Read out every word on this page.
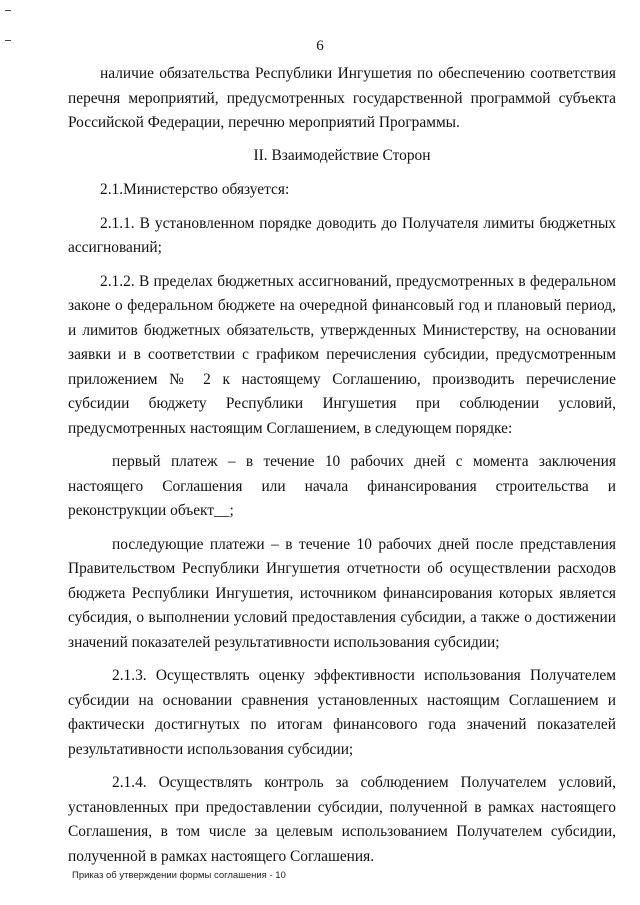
6

наличие обязательства Республики Ингушетия по обеспечению соответствия перечня мероприятий, предусмотренных государственной программой субъекта Российской Федерации, перечню мероприятий Программы.

II. Взаимодействие Сторон

2.1.Министерство обязуется:

2.1.1. В установленном порядке доводить до Получателя лимиты бюджетных ассигнований;

2.1.2. В пределах бюджетных ассигнований, предусмотренных в федеральном законе о федеральном бюджете на очередной финансовый год и плановый период, и лимитов бюджетных обязательств, утвержденных Министерству, на основании заявки и в соответствии с графиком перечисления субсидии, предусмотренным приложением № 2 к настоящему Соглашению, производить перечисление субсидии бюджету Республики Ингушетия при соблюдении условий, предусмотренных настоящим Соглашением, в следующем порядке:

первый платеж – в течение 10 рабочих дней с момента заключения настоящего Соглашения или начала финансирования строительства и реконструкции объект__;

последующие платежи – в течение 10 рабочих дней после представления Правительством Республики Ингушетия отчетности об осуществлении расходов бюджета Республики Ингушетия, источником финансирования которых является субсидия, о выполнении условий предоставления субсидии, а также о достижении значений показателей результативности использования субсидии;

2.1.3. Осуществлять оценку эффективности использования Получателем субсидии на основании сравнения установленных настоящим Соглашением и фактически достигнутых по итогам финансового года значений показателей результативности использования субсидии;

2.1.4. Осуществлять контроль за соблюдением Получателем условий, установленных при предоставлении субсидии, полученной в рамках настоящего Соглашения, в том числе за целевым использованием Получателем субсидии, полученной в рамках настоящего Соглашения.

Приказ об утверждении формы соглашения - 10
